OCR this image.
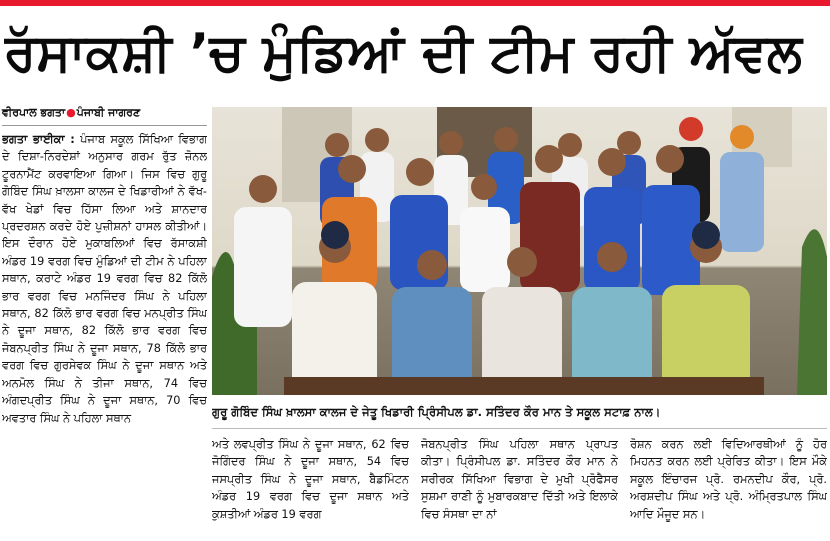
ਰੱਸਾਕਸ਼ੀ ’ਚ ਮੁੰਡਿਆਂ ਦੀ ਟੀਮ ਰਹੀ ਅੱਵਲ
ਵੀਰਪਾਲ ਭਗਤਾ●ਪੰਜਾਬੀ ਜਾਗਰਣ
ਭਗਤਾ ਭਾਈਕਾ : ਪੰਜਾਬ ਸਕੂਲ ਸਿੱਖਿਆ ਵਿਭਾਗ ਦੇ ਦਿਸ਼ਾ-ਨਿਰਦੇਸ਼ਾਂ ਅਨੁਸਾਰ ਗਰਮ ਰੁੱਤ ਜ਼ੋਨਲ ਟੂਰਨਾਮੈਂਟ ਕਰਵਾਇਆ ਗਿਆ। ਜਿਸ ਵਿਚ ਗੁਰੂ ਗੋਬਿੰਦ ਸਿੰਘ ਖ਼ਾਲਸਾ ਕਾਲਜ ਦੇ ਖਿਡਾਰੀਆਂ ਨੇ ਵੱਖ-ਵੱਖ ਖੇਡਾਂ ਵਿਚ ਹਿੱਸਾ ਲਿਆ ਅਤੇ ਸ਼ਾਨਦਾਰ ਪ੍ਰਦਰਸ਼ਨ ਕਰਦੇ ਹੋਏ ਪੁਜ਼ੀਸ਼ਨਾਂ ਹਾਸਲ ਕੀਤੀਆਂ। ਇਸ ਦੌਰਾਨ ਹੋਏ ਮੁਕਾਬਲਿਆਂ ਵਿਚ ਰੱਸਾਕਸ਼ੀ ਅੰਡਰ 19 ਵਰਗ ਵਿਚ ਮੁੰਡਿਆਂ ਦੀ ਟੀਮ ਨੇ ਪਹਿਲਾ ਸਥਾਨ, ਕਰਾਟੇ ਅੰਡਰ 19 ਵਰਗ ਵਿਚ 82 ਕਿੱਲੋ ਭਾਰ ਵਰਗ ਵਿਚ ਮਨਜਿੰਦਰ ਸਿੰਘ ਨੇ ਪਹਿਲਾ ਸਥਾਨ, 82 ਕਿੱਲੋ ਭਾਰ ਵਰਗ ਵਿਚ ਮਨਪ੍ਰੀਤ ਸਿੰਘ ਨੇ ਦੂਜਾ ਸਥਾਨ, 82 ਕਿੱਲੋ ਭਾਰ ਵਰਗ ਵਿਚ ਜੋਬਨਪ੍ਰੀਤ ਸਿੰਘ ਨੇ ਦੂਜਾ ਸਥਾਨ, 78 ਕਿੱਲੋ ਭਾਰ ਵਰਗ ਵਿਚ ਗੁਰਸੇਵਕ ਸਿੰਘ ਨੇ ਦੂਜਾ ਸਥਾਨ ਅਤੇ ਅਨਮੋਲ ਸਿੰਘ ਨੇ ਤੀਜਾ ਸਥਾਨ, 74 ਵਿਚ ਅੰਗਦਪ੍ਰੀਤ ਸਿੰਘ ਨੇ ਦੂਜਾ ਸਥਾਨ, 70 ਵਿਚ ਅਵਤਾਰ ਸਿੰਘ ਨੇ ਪਹਿਲਾ ਸਥਾਨ	ਗੁਰੂ ਗੋਬਿੰਦ ਸਿੰਘ ਖ਼ਾਲਸਾ ਕਾਲਜ ਦੇ ਜੇਤੂ ਖਿਡਾਰੀ ਪ੍ਰਿੰਸੀਪਲ ਡਾ. ਸਤਿੰਦਰ ਕੌਰ ਮਾਨ ਤੇ ਸਕੂਲ ਸਟਾਫ਼ ਨਾਲ।
ਅਤੇ ਲਵਪ੍ਰੀਤ ਸਿੰਘ ਨੇ ਦੂਜਾ ਸਥਾਨ, 62 ਵਿਚ ਜੋਗਿੰਦਰ ਸਿੰਘ ਨੇ ਦੂਜਾ ਸਥਾਨ, 54 ਵਿਚ ਜਸਪ੍ਰੀਤ ਸਿੰਘ ਨੇ ਦੂਜਾ ਸਥਾਨ, ਬੈਡਮਿੰਟਨ ਅੰਡਰ 19 ਵਰਗ ਵਿਚ ਦੂਜਾ ਸਥਾਨ ਅਤੇ ਕੁਸ਼ਤੀਆਂ ਅੰਡਰ 19 ਵਰਗ
ਜੋਬਨਪ੍ਰੀਤ ਸਿੰਘ ਪਹਿਲਾ ਸਥਾਨ ਪ੍ਰਾਪਤ ਕੀਤਾ। ਪ੍ਰਿੰਸੀਪਲ ਡਾ. ਸਤਿੰਦਰ ਕੌਰ ਮਾਨ ਨੇ ਸਰੀਰਕ ਸਿੱਖਿਆ ਵਿਭਾਗ ਦੇ ਮੁਖੀ ਪ੍ਰੋਫੈਸਰ ਸੁਸ਼ਮਾ ਰਾਣੀ ਨੂੰ ਮੁਬਾਰਕਬਾਦ ਦਿੱਤੀ ਅਤੇ ਇਲਾਕੇ ਵਿਚ ਸੰਸਥਾ ਦਾ ਨਾਂ
ਰੋਸ਼ਨ ਕਰਨ ਲਈ ਵਿਦਿਆਰਥੀਆਂ ਨੂੰ ਹੋਰ ਮਿਹਨਤ ਕਰਨ ਲਈ ਪ੍ਰੇਰਿਤ ਕੀਤਾ। ਇਸ ਮੌਕੇ ਸਕੂਲ ਇੰਚਾਰਜ ਪ੍ਰੋ. ਰਮਨਦੀਪ ਕੌਰ, ਪ੍ਰੋ. ਅਰਸ਼ਦੀਪ ਸਿੰਘ ਅਤੇ ਪ੍ਰੋ. ਅੰਮ੍ਰਿਤਪਾਲ ਸਿੰਘ ਆਦਿ ਮੌਜੂਦ ਸਨ।
